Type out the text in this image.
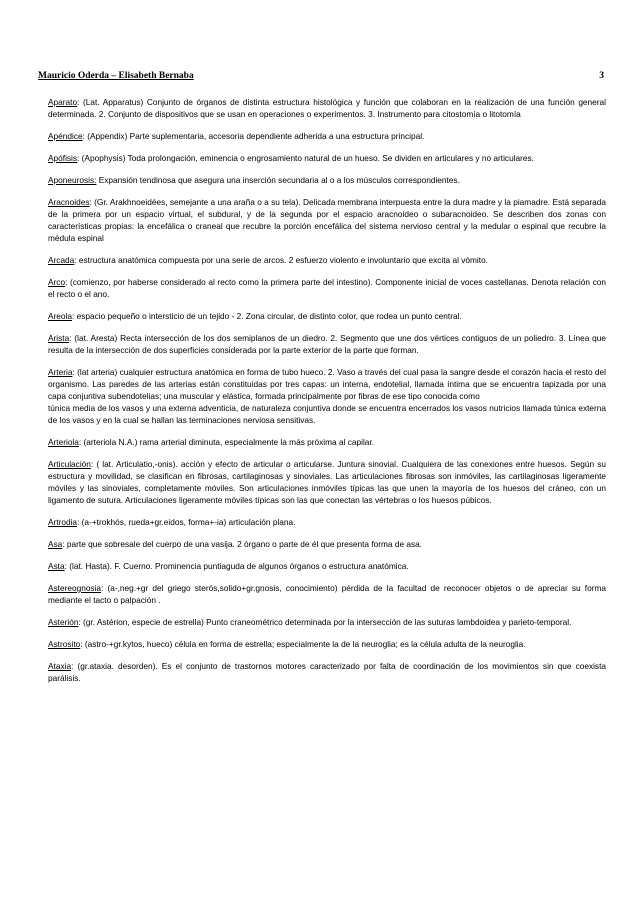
Mauricio Oderda – Elisabeth Bernaba	3

Aparato: (Lat. Apparatus) Conjunto de órganos de distinta estructura histológica y función que colaboran en la realización de una función general determinada. 2. Conjunto de dispositivos que se usan en operaciones o experimentos. 3. Instrumento para citostomía o litotomía

Apéndice: (Appendix) Parte suplementaria, accesoria dependiente adherida a una estructura principal.

Apófisis: (Apophysis) Toda prolongación, eminencia o engrosamiento natural de un hueso. Se dividen en articulares y no articulares.

Aponeurosis: Expansión tendinosa que asegura una inserción secundaria al o a los músculos correspondientes.

Aracnoides: (Gr. Arakhnoeidées, semejante a una araña o a su tela). Delicada membrana interpuesta entre la dura madre y la piamadre. Está separada de la primera por un espacio virtual, el subdural, y de la segunda por el espacio aracnoideo o subaracnoideo. Se describen dos zonas con características propias: la encefálica o craneal que recubre la porción encefálica del sistema nervioso central y la medular o espinal que recubre la médula espinal

Arcada: estructura anatómica compuesta por una serie de arcos. 2 esfuerzo violento e involuntario que excita al vómito.

Arco: (comienzo, por haberse considerado al recto como la primera parte del intestino). Componente inicial de voces castellanas. Denota relación con el recto o el ano.

Areola: espacio pequeño o intersticio de un tejido - 2. Zona circular, de distinto color, que rodea un punto central.

Arista: (lat. Aresta) Recta intersección de los dos semiplanos de un diedro. 2. Segmento que une dos vértices contiguos de un poliedro. 3. Línea que resulta de la intersección de dos superficies considerada por la parte exterior de la parte que forman.

Arteria: (lat arteria) cualquier estructura anatómica en forma de tubo hueco. 2. Vaso a través del cual pasa la sangre desde el corazón hacia el resto del organismo. Las paredes de las arterias están constituidas por tres capas: un interna, endotelial, llamada íntima que se encuentra tapizada por una capa conjuntiva subendotelias; una muscular y elástica, formada principalmente por fibras de ese tipo conocida como
túnica media de los vasos y una externa adventicia, de naturaleza conjuntiva donde se encuentra encerrados los vasos nutricios llamada túnica externa de los vasos y en la cual se hallan las terminaciones nerviosa sensitivas.

Arteriola: (arteriola N.A.) rama arterial diminuta, especialmente la más próxima al capilar.

Articulación: ( lat. Articulatio,-onis). acción y efecto de articular o articularse. Juntura sinovial. Cualquiera de las conexiones entre huesos. Según su estructura y movilidad, se clasifican en fibrosas, cartilaginosas y sinoviales. Las articulaciones fibrosas son inmóviles, las cartilaginosas ligeramente móviles y las sinoviales, completamente móviles. Son articulaciones inmóviles típicas las que unen la mayoría de los huesos del cráneo, con un ligamento de sutura. Articulaciones ligeramente móviles típicas son las que conectan las vértebras o los huesos púbicos.

Artrodia: (a-+trokhós, rueda+gr.eidos, forma+-ia) articulación plana.

Asa: parte que sobresale del cuerpo de una vasija. 2 órgano o parte de él que presenta forma de asa.

Asta: (lat. Hasta). F. Cuerno. Prominencia puntiaguda de algunos órganos o estructura anatómica.

Astereognosia: (a-,neg.+gr del griego sterós,solido+gr.gnosis, conocimiento) pérdida de la facultad de reconocer objetos o de apreciar su forma mediante el tacto o palpación .

Asterión: (gr. Astérion, especie de estrella) Punto craneométrico determinada por la intersección de las suturas lambdoidea y parieto-temporal.

Astrosito: (astro-+gr.kytos, hueco) célula en forma de estrella; especialmente la de la neuroglia; es la célula adulta de la neuroglia.

Ataxia: (gr.ataxia. desorden). Es el conjunto de trastornos motores caracterizado por falta de coordinación de los movimientos sin que coexista parálisis.
